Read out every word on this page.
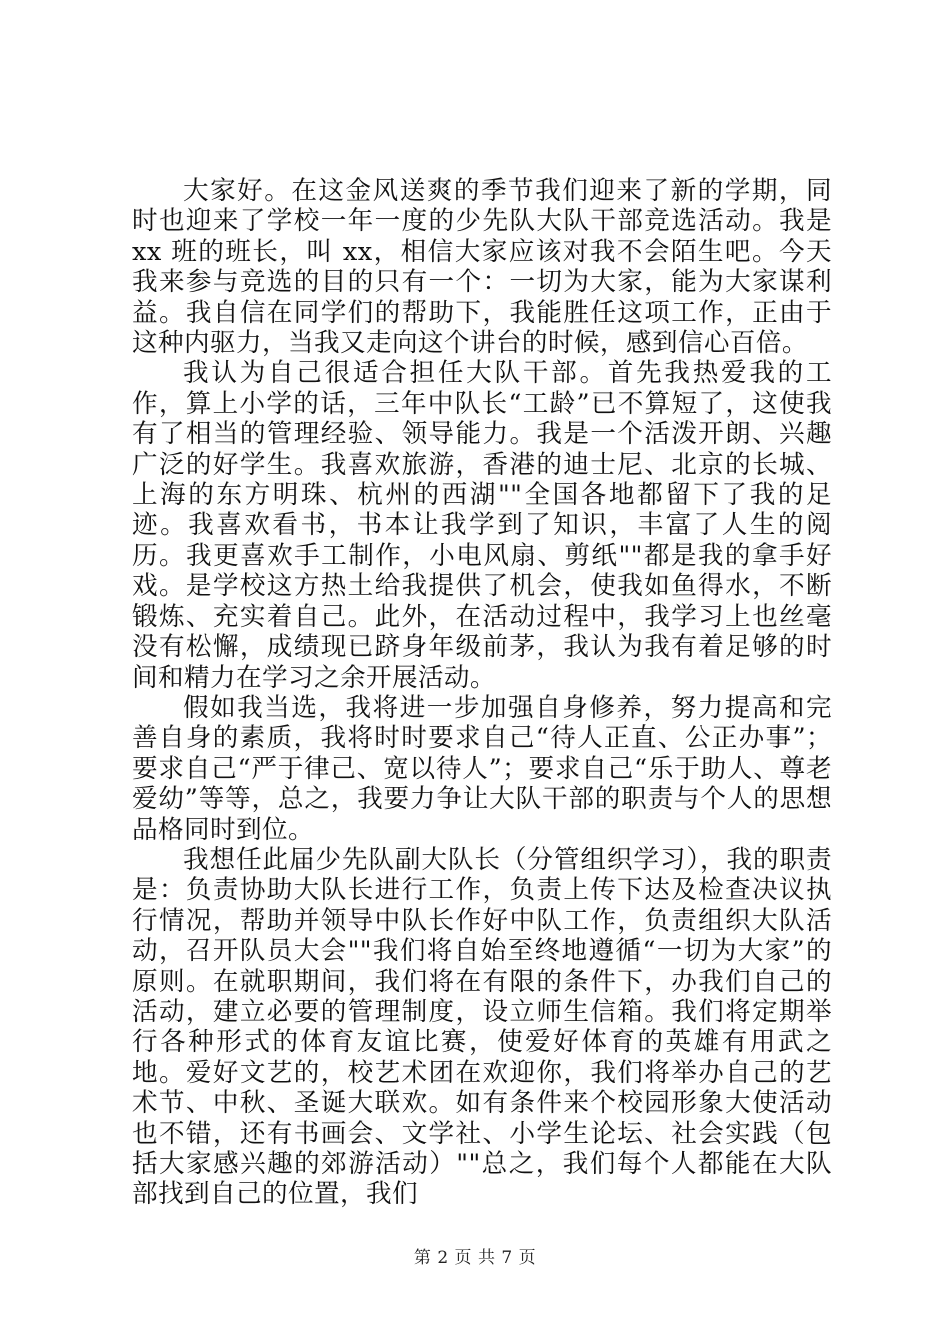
大家好。在这金风送爽的季节我们迎来了新的学期，同时也迎来了学校一年一度的少先队大队干部竞选活动。我是 xx 班的班长，叫 xx，相信大家应该对我不会陌生吧。今天我来参与竞选的目的只有一个：一切为大家，能为大家谋利益。我自信在同学们的帮助下，我能胜任这项工作，正由于这种内驱力，当我又走向这个讲台的时候，感到信心百倍。

我认为自己很适合担任大队干部。首先我热爱我的工作，算上小学的话，三年中队长“工龄”已不算短了，这使我有了相当的管理经验、领导能力。我是一个活泼开朗、兴趣广泛的好学生。我喜欢旅游，香港的迪士尼、北京的长城、上海的东方明珠、杭州的西湖""全国各地都留下了我的足迹。我喜欢看书，书本让我学到了知识，丰富了人生的阅历。我更喜欢手工制作，小电风扇、剪纸""都是我的拿手好戏。是学校这方热土给我提供了机会，使我如鱼得水，不断锻炼、充实着自己。此外，在活动过程中，我学习上也丝毫没有松懈，成绩现已跻身年级前茅，我认为我有着足够的时间和精力在学习之余开展活动。

假如我当选，我将进一步加强自身修养，努力提高和完善自身的素质，我将时时要求自己“待人正直、公正办事”；要求自己“严于律己、宽以待人”；要求自己“乐于助人、尊老爱幼”等等，总之，我要力争让大队干部的职责与个人的思想品格同时到位。

我想任此届少先队副大队长（分管组织学习），我的职责是：负责协助大队长进行工作，负责上传下达及检查决议执行情况，帮助并领导中队长作好中队工作，负责组织大队活动，召开队员大会""我们将自始至终地遵循“一切为大家”的原则。在就职期间，我们将在有限的条件下，办我们自己的活动，建立必要的管理制度，设立师生信箱。我们将定期举行各种形式的体育友谊比赛，使爱好体育的英雄有用武之地。爱好文艺的，校艺术团在欢迎你，我们将举办自己的艺术节、中秋、圣诞大联欢。如有条件来个校园形象大使活动也不错，还有书画会、文学社、小学生论坛、社会实践（包括大家感兴趣的郊游活动）""总之，我们每个人都能在大队部找到自己的位置，我们

第 2 页 共 7 页
